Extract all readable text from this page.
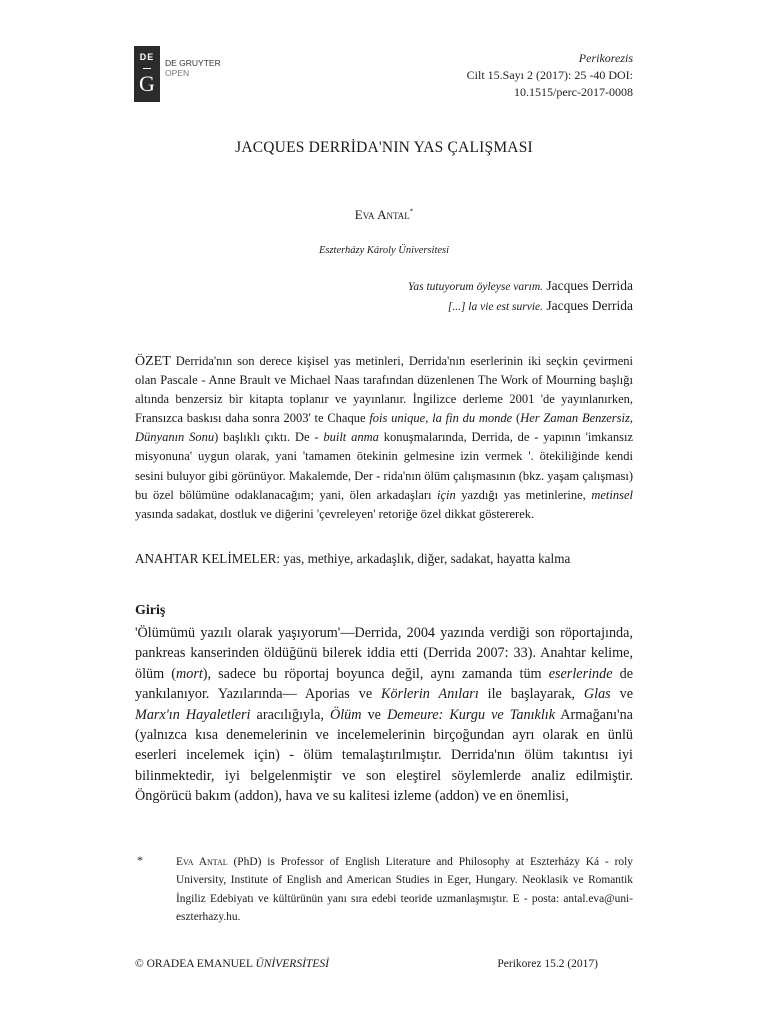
DE
G
DE GRUYTER
OPEN
Perikorezis
Cilt 15.Sayı 2 (2017): 25 -40 DOI:
10.1515/perc-2017-0008
JACQUES DERRİDA'NIN YAS ÇALIŞMASI
Eva Antal*
Eszterházy Károly Üniversitesi
Yas tutuyorum öyleyse varım. Jacques Derrida
[...] la vie est survie. Jacques Derrida
ÖZET Derrida'nın son derece kişisel yas metinleri, Derrida'nın eserlerinin iki seçkin çevirmeni olan Pascale - Anne Brault ve Michael Naas tarafından düzenlenen The Work of Mourning başlığı altında benzersiz bir kitapta toplanır ve yayınlanır. İngilizce derleme 2001 'de yayınlanırken, Fransızca baskısı daha sonra 2003' te Chaque fois unique, la fin du monde (Her Zaman Benzersiz, Dünyanın Sonu) başlıklı çıktı. De - built anma konuşmalarında, Derrida, de - yapının 'imkansız misyonuna' uygun olarak, yani 'tamamen ötekinin gelmesine izin vermek '. ötekiliğinde kendi sesini buluyor gibi görünüyor. Makalemde, Der - rida'nın ölüm çalışmasının (bkz. yaşam çalışması) bu özel bölümüne odaklanacağım; yani, ölen arkadaşları için yazdığı yas metinlerine, metinsel yasında sadakat, dostluk ve diğerini 'çevreleyen' retoriğe özel dikkat göstererek.
ANAHTAR KELİMELER: yas, methiye, arkadaşlık, diğer, sadakat, hayatta kalma
Giriş
'Ölümümü yazılı olarak yaşıyorum'—Derrida, 2004 yazında verdiği son röportajında, pankreas kanserinden öldüğünü bilerek iddia etti (Derrida 2007: 33). Anahtar kelime, ölüm (mort), sadece bu röportaj boyunca değil, aynı zamanda tüm eserlerinde de yankılanıyor. Yazılarında— Aporias ve Körlerin Anıları ile başlayarak, Glas ve Marx'ın Hayaletleri aracılığıyla, Ölüm ve Demeure: Kurgu ve Tanıklık Armağanı'na (yalnızca kısa denemelerinin ve incelemelerinin birçoğundan ayrı olarak en ünlü eserleri incelemek için) - ölüm temalaştırılmıştır. Derrida'nın ölüm takıntısı iyi bilinmektedir, iyi belgelenmiştir ve son eleştirel söylemlerde analiz edilmiştir. Öngörücü bakım (addon), hava ve su kalitesi izleme (addon) ve en önemlisi,
*	Eva Antal (PhD) is Professor of English Literature and Philosophy at Eszterházy Ká - roly University, Institute of English and American Studies in Eger, Hungary. Neoklasik ve Romantik İngiliz Edebiyatı ve kültürünün yanı sıra edebi teoride uzmanlaşmıştır. E - posta: antal.eva@uni-eszterhazy.hu.
© ORADEA EMANUEL ÜNİVERSİTESİ	Perikorez 15.2 (2017)
